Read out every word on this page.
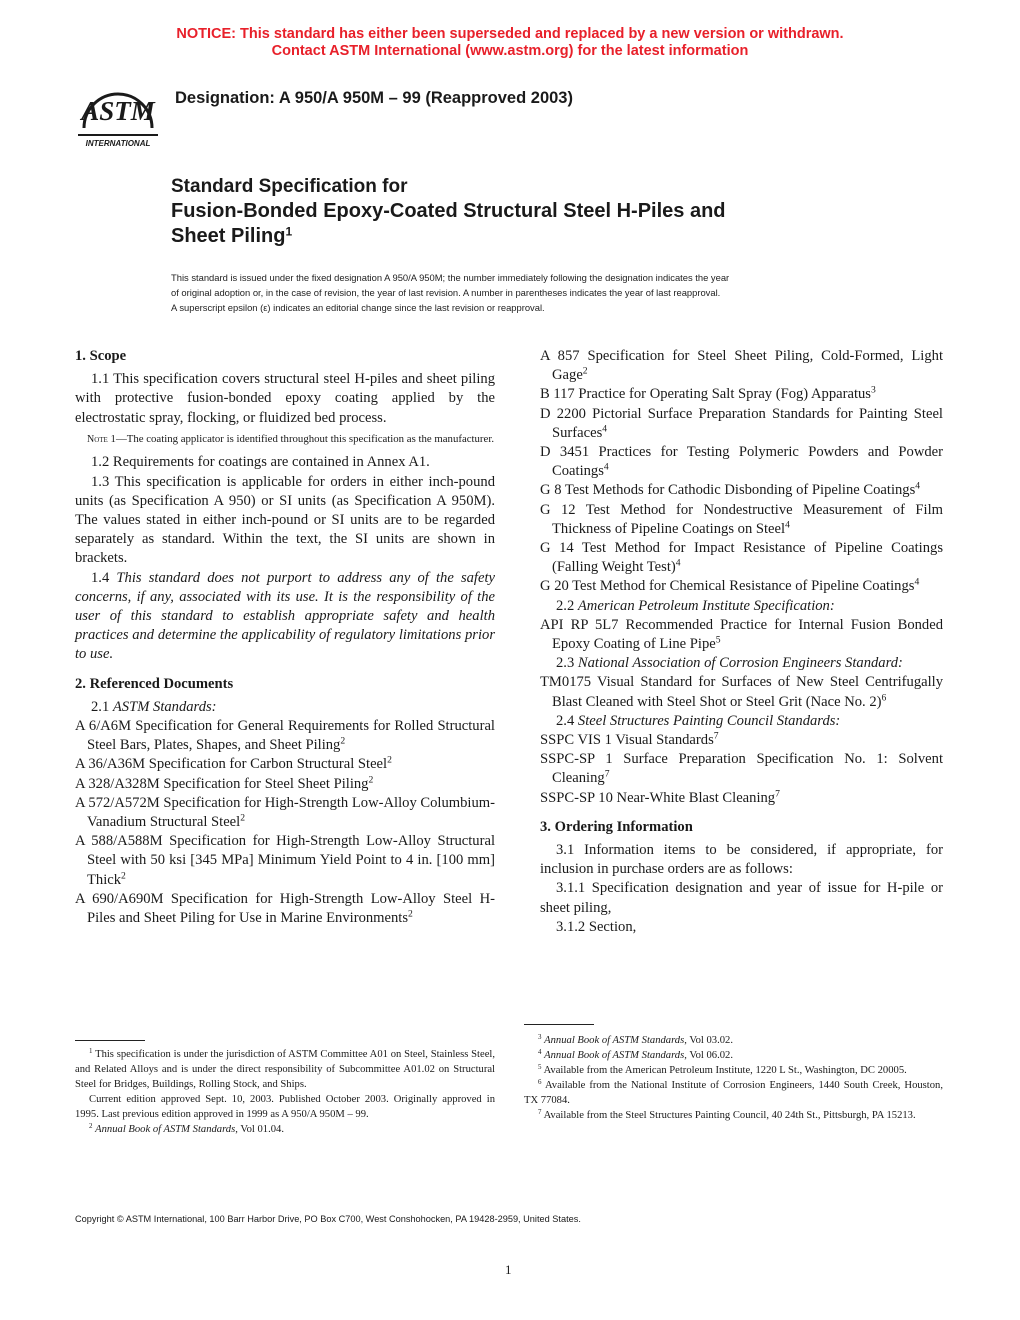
NOTICE: This standard has either been superseded and replaced by a new version or withdrawn.
Contact ASTM International (www.astm.org) for the latest information
ASTM
INTERNATIONAL
Designation: A 950/A 950M – 99 (Reapproved 2003)

Standard Specification for

Fusion-Bonded Epoxy-Coated Structural Steel H-Piles and

Sheet Piling$^1$

This standard is issued under the fixed designation A 950/A 950M; the number immediately following the designation indicates the year
of original adoption or, in the case of revision, the year of last revision. A number in parentheses indicates the year of last reapproval.
A superscript epsilon (ε) indicates an editorial change since the last revision or reapproval.
1. Scope

1.1 This specification covers structural steel H-piles and sheet piling with protective fusion-bonded epoxy coating applied by the electrostatic spray, flocking, or fluidized bed process.

Note 1—The coating applicator is identified throughout this specification as the manufacturer.

1.2 Requirements for coatings are contained in Annex A1.

1.3 This specification is applicable for orders in either inch-pound units (as Specification A 950) or SI units (as Specification A 950M). The values stated in either inch-pound or SI units are to be regarded separately as standard. Within the text, the SI units are shown in brackets.

1.4 This standard does not purport to address any of the safety concerns, if any, associated with its use. It is the responsibility of the user of this standard to establish appropriate safety and health practices and determine the applicability of regulatory limitations prior to use.

2. Referenced Documents

2.1 ASTM Standards:

A 6/A6M Specification for General Requirements for Rolled Structural Steel Bars, Plates, Shapes, and Sheet Piling$^2$

A 36/A36M Specification for Carbon Structural Steel$^2$

A 328/A328M Specification for Steel Sheet Piling$^2$

A 572/A572M Specification for High-Strength Low-Alloy Columbium-Vanadium Structural Steel$^2$

A 588/A588M Specification for High-Strength Low-Alloy Structural Steel with 50 ksi [345 MPa] Minimum Yield Point to 4 in. [100 mm] Thick$^2$

A 690/A690M Specification for High-Strength Low-Alloy Steel H-Piles and Sheet Piling for Use in Marine Environments$^2$

A 857 Specification for Steel Sheet Piling, Cold-Formed, Light Gage$^2$

B 117 Practice for Operating Salt Spray (Fog) Apparatus$^3$

D 2200 Pictorial Surface Preparation Standards for Painting Steel Surfaces$^4$

D 3451 Practices for Testing Polymeric Powders and Powder Coatings$^4$

G 8 Test Methods for Cathodic Disbonding of Pipeline Coatings$^4$

G 12 Test Method for Nondestructive Measurement of Film Thickness of Pipeline Coatings on Steel$^4$

G 14 Test Method for Impact Resistance of Pipeline Coatings (Falling Weight Test)$^4$

G 20 Test Method for Chemical Resistance of Pipeline Coatings$^4$

2.2 American Petroleum Institute Specification:

API RP 5L7 Recommended Practice for Internal Fusion Bonded Epoxy Coating of Line Pipe$^5$

2.3 National Association of Corrosion Engineers Standard:

TM0175 Visual Standard for Surfaces of New Steel Centrifugally Blast Cleaned with Steel Shot or Steel Grit (Nace No. 2)$^6$

2.4 Steel Structures Painting Council Standards:

SSPC VIS 1 Visual Standards$^7$

SSPC-SP 1 Surface Preparation Specification No. 1: Solvent Cleaning$^7$

SSPC-SP 10 Near-White Blast Cleaning$^7$

3. Ordering Information

3.1 Information items to be considered, if appropriate, for inclusion in purchase orders are as follows:

3.1.1 Specification designation and year of issue for H-pile or sheet piling,

3.1.2 Section,

$^1$ This specification is under the jurisdiction of ASTM Committee A01 on Steel, Stainless Steel, and Related Alloys and is under the direct responsibility of Subcommittee A01.02 on Structural Steel for Bridges, Buildings, Rolling Stock, and Ships.

Current edition approved Sept. 10, 2003. Published October 2003. Originally approved in 1995. Last previous edition approved in 1999 as A 950/A 950M – 99.

$^2$ Annual Book of ASTM Standards, Vol 01.04.

$^3$ Annual Book of ASTM Standards, Vol 03.02.

$^4$ Annual Book of ASTM Standards, Vol 06.02.

$^5$ Available from the American Petroleum Institute, 1220 L St., Washington, DC 20005.

$^6$ Available from the National Institute of Corrosion Engineers, 1440 South Creek, Houston, TX 77084.

$^7$ Available from the Steel Structures Painting Council, 40 24th St., Pittsburgh, PA 15213.

Copyright © ASTM International, 100 Barr Harbor Drive, PO Box C700, West Conshohocken, PA 19428-2959, United States.
1
